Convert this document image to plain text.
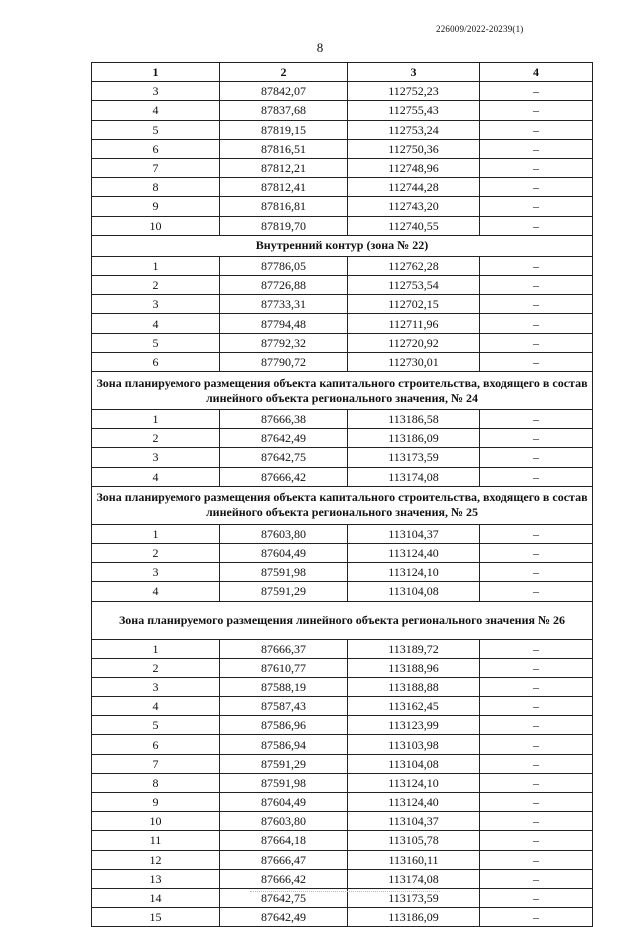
226009/2022-20239(1)
8
1	2	3	4
3	87842,07	112752,23	–
4	87837,68	112755,43	–
5	87819,15	112753,24	–
6	87816,51	112750,36	–
7	87812,21	112748,96	–
8	87812,41	112744,28	–
9	87816,81	112743,20	–
10	87819,70	112740,55	–
Внутренний контур (зона № 22)			
1	87786,05	112762,28	–
2	87726,88	112753,54	–
3	87733,31	112702,15	–
4	87794,48	112711,96	–
5	87792,32	112720,92	–
6	87790,72	112730,01	–
Зона планируемого размещения объекта капитального строительства, входящего в состав линейного объекта регионального значения, № 24			
1	87666,38	113186,58	–
2	87642,49	113186,09	–
3	87642,75	113173,59	–
4	87666,42	113174,08	–
Зона планируемого размещения объекта капитального строительства, входящего в состав линейного объекта регионального значения, № 25			
1	87603,80	113104,37	–
2	87604,49	113124,40	–
3	87591,98	113124,10	–
4	87591,29	113104,08	–
Зона планируемого размещения линейного объекта регионального значения № 26			
1	87666,37	113189,72	–
2	87610,77	113188,96	–
3	87588,19	113188,88	–
4	87587,43	113162,45	–
5	87586,96	113123,99	–
6	87586,94	113103,98	–
7	87591,29	113104,08	–
8	87591,98	113124,10	–
9	87604,49	113124,40	–
10	87603,80	113104,37	–
11	87664,18	113105,78	–
12	87666,47	113160,11	–
13	87666,42	113174,08	–
14	87642,75	113173,59	–
15	87642,49	113186,09	–
